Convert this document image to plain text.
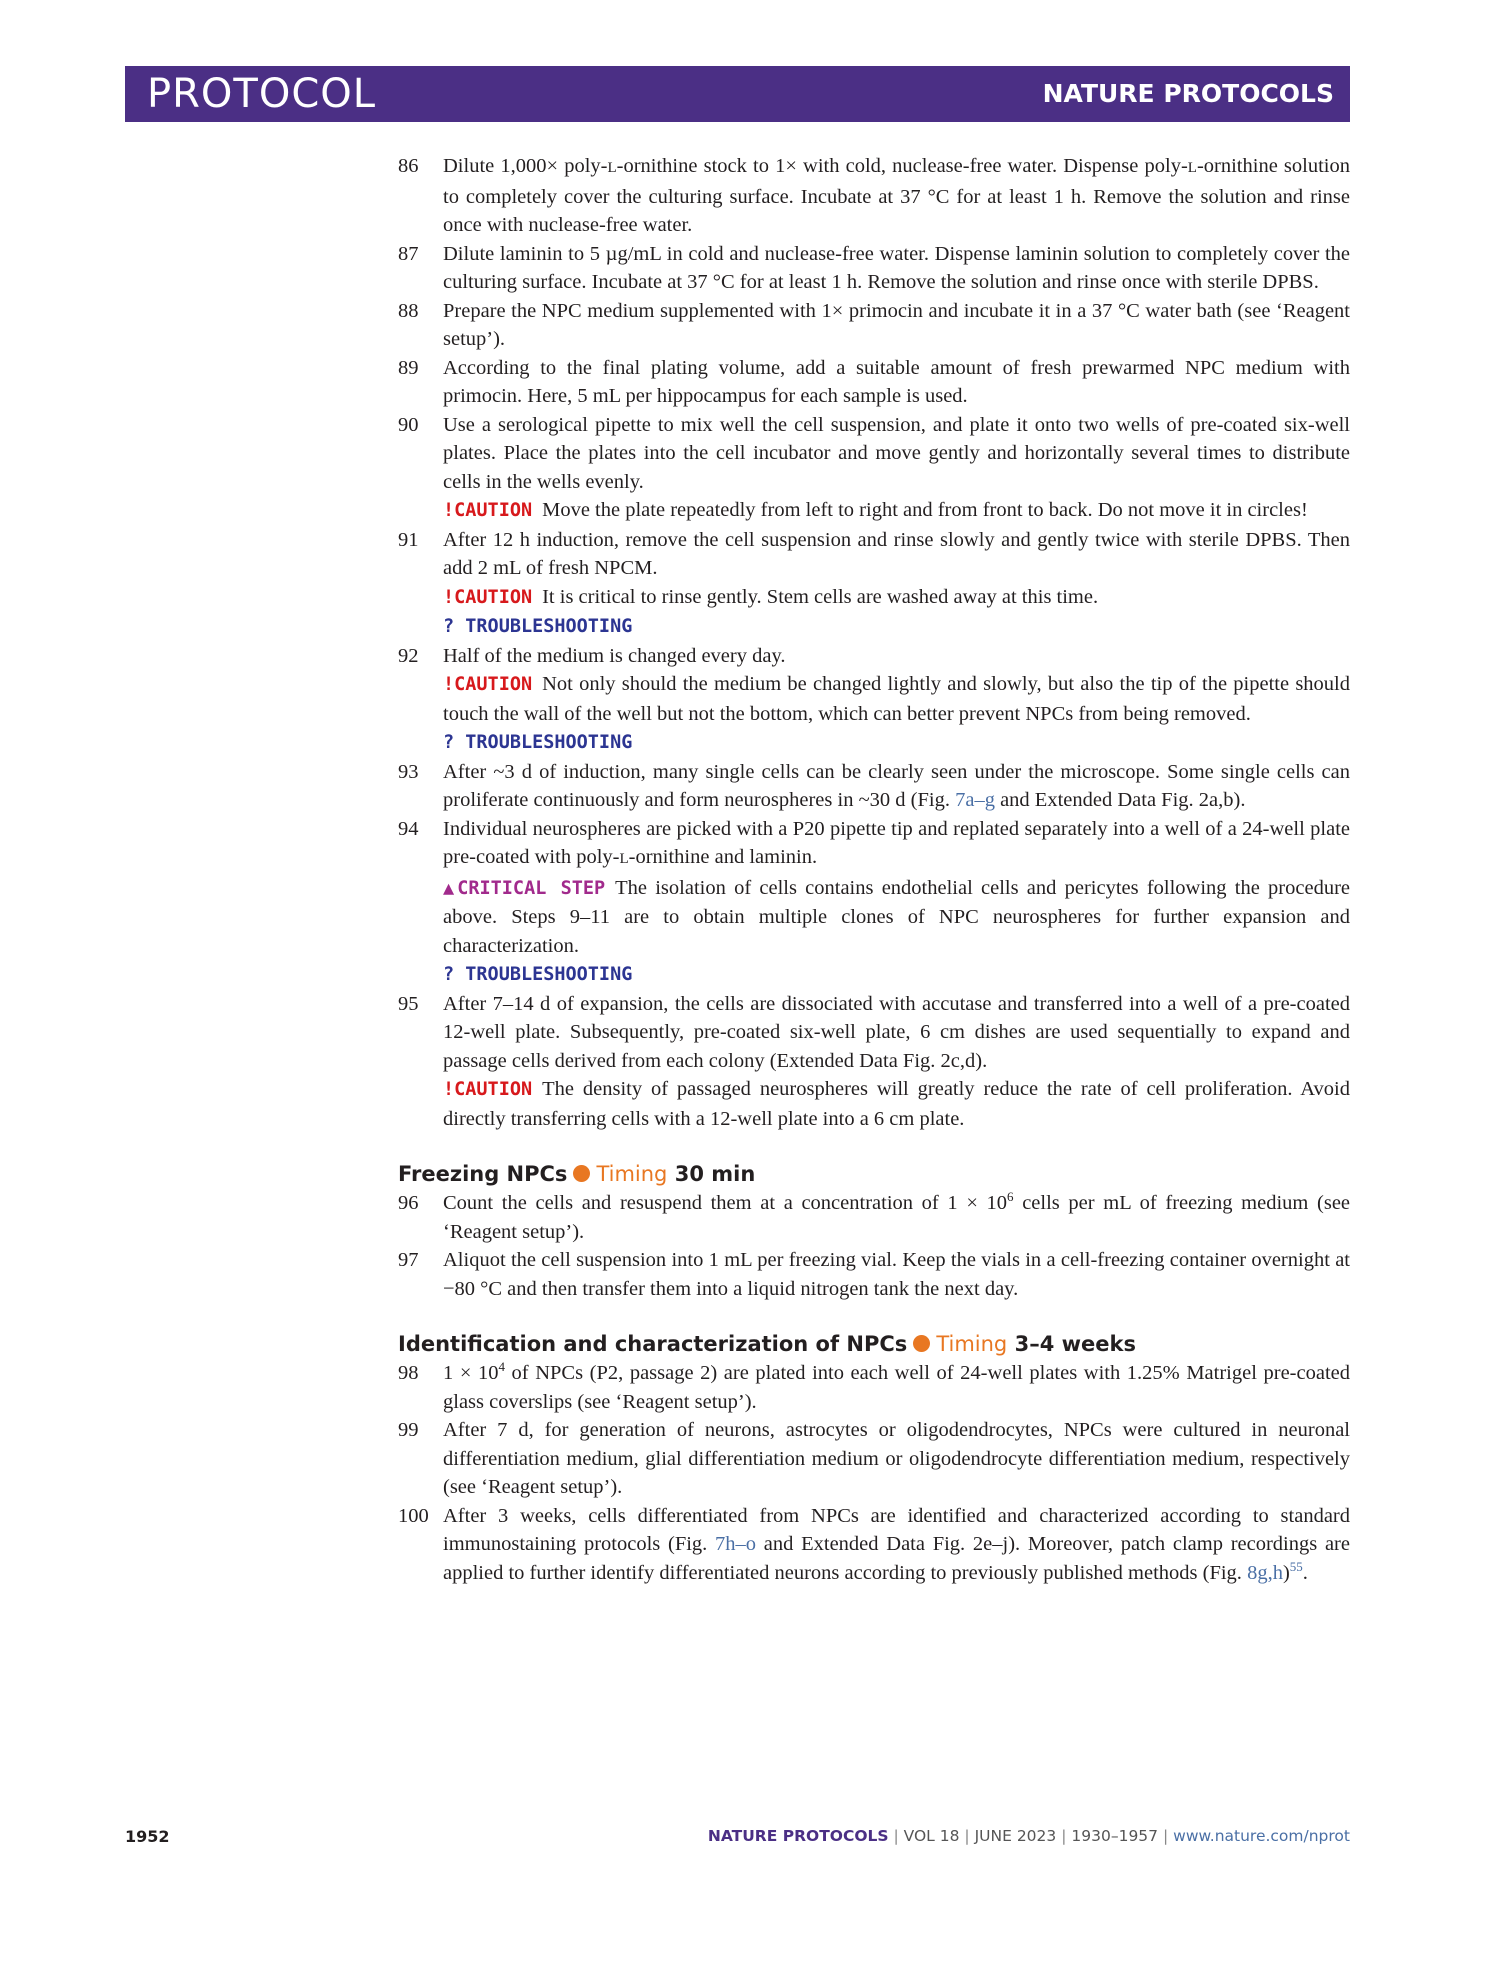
PROTOCOL	NATURE PROTOCOLS
86 Dilute 1,000× poly-L-ornithine stock to 1× with cold, nuclease-free water. Dispense poly-L-ornithine solution to completely cover the culturing surface. Incubate at 37 °C for at least 1 h. Remove the solution and rinse once with nuclease-free water.
87 Dilute laminin to 5 µg/mL in cold and nuclease-free water. Dispense laminin solution to completely cover the culturing surface. Incubate at 37 °C for at least 1 h. Remove the solution and rinse once with sterile DPBS.
88 Prepare the NPC medium supplemented with 1× primocin and incubate it in a 37 °C water bath (see ‘Reagent setup’).
89 According to the final plating volume, add a suitable amount of fresh prewarmed NPC medium with primocin. Here, 5 mL per hippocampus for each sample is used.
90 Use a serological pipette to mix well the cell suspension, and plate it onto two wells of pre-coated six-well plates. Place the plates into the cell incubator and move gently and horizontally several times to distribute cells in the wells evenly.
!CAUTION Move the plate repeatedly from left to right and from front to back. Do not move it in circles!
91 After 12 h induction, remove the cell suspension and rinse slowly and gently twice with sterile DPBS. Then add 2 mL of fresh NPCM.
!CAUTION It is critical to rinse gently. Stem cells are washed away at this time.
? TROUBLESHOOTING
92 Half of the medium is changed every day.
!CAUTION Not only should the medium be changed lightly and slowly, but also the tip of the pipette should touch the wall of the well but not the bottom, which can better prevent NPCs from being removed.
? TROUBLESHOOTING
93 After ~3 d of induction, many single cells can be clearly seen under the microscope. Some single cells can proliferate continuously and form neurospheres in ~30 d (Fig. 7a–g and Extended Data Fig. 2a,b).
94 Individual neurospheres are picked with a P20 pipette tip and replated separately into a well of a 24-well plate pre-coated with poly-L-ornithine and laminin.
▲CRITICAL STEP The isolation of cells contains endothelial cells and pericytes following the procedure above. Steps 9–11 are to obtain multiple clones of NPC neurospheres for further expansion and characterization.
? TROUBLESHOOTING
95 After 7–14 d of expansion, the cells are dissociated with accutase and transferred into a well of a pre-coated 12-well plate. Subsequently, pre-coated six-well plate, 6 cm dishes are used sequentially to expand and passage cells derived from each colony (Extended Data Fig. 2c,d).
!CAUTION The density of passaged neurospheres will greatly reduce the rate of cell proliferation. Avoid directly transferring cells with a 12-well plate into a 6 cm plate.
Freezing NPCs Timing 30 min
96 Count the cells and resuspend them at a concentration of $1 \times 10^6$ cells per mL of freezing medium (see ‘Reagent setup’).
97 Aliquot the cell suspension into 1 mL per freezing vial. Keep the vials in a cell-freezing container overnight at −80 °C and then transfer them into a liquid nitrogen tank the next day.
Identification and characterization of NPCs Timing 3–4 weeks
98 $1 \times 10^4$ of NPCs (P2, passage 2) are plated into each well of 24-well plates with 1.25% Matrigel pre-coated glass coverslips (see ‘Reagent setup’).
99 After 7 d, for generation of neurons, astrocytes or oligodendrocytes, NPCs were cultured in neuronal differentiation medium, glial differentiation medium or oligodendrocyte differentiation medium, respectively (see ‘Reagent setup’).
100 After 3 weeks, cells differentiated from NPCs are identified and characterized according to standard immunostaining protocols (Fig. 7h–o and Extended Data Fig. 2e–j). Moreover, patch clamp recordings are applied to further identify differentiated neurons according to previously published methods (Fig. 8g,h)$^{55}$.
1952	NATURE PROTOCOLS | VOL 18 | JUNE 2023 | 1930–1957 | www.nature.com/nprot
